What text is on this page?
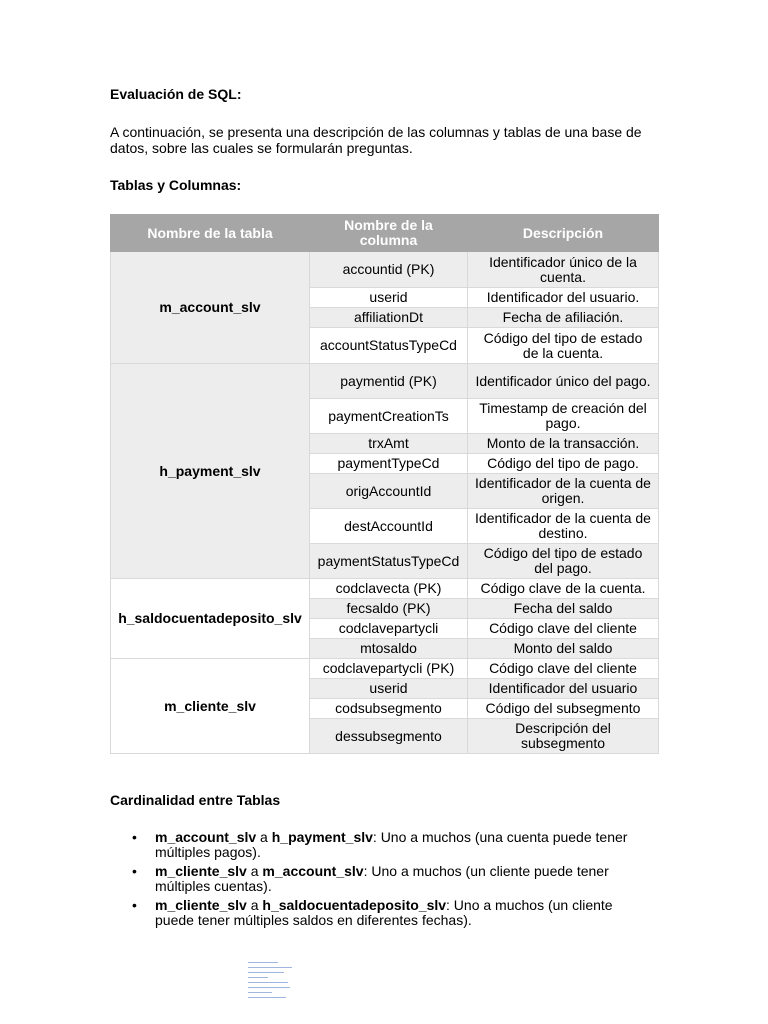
Evaluación de SQL:
A continuación, se presenta una descripción de las columnas y tablas de una base de datos, sobre las cuales se formularán preguntas.
Tablas y Columnas:
Nombre de la tabla	Nombre de la columna	Descripción
m_account_slv	accountid (PK)	Identificador único de la cuenta.
	userid	Identificador del usuario.
	affiliationDt	Fecha de afiliación.
	accountStatusTypeCd	Código del tipo de estado de la cuenta.
h_payment_slv	paymentid (PK)	Identificador único del pago.
	paymentCreationTs	Timestamp de creación del pago.
	trxAmt	Monto de la transacción.
	paymentTypeCd	Código del tipo de pago.
	origAccountId	Identificador de la cuenta de origen.
	destAccountId	Identificador de la cuenta de destino.
	paymentStatusTypeCd	Código del tipo de estado del pago.
h_saldocuentadeposito_slv	codclavecta (PK)	Código clave de la cuenta.
	fecsaldo (PK)	Fecha del saldo
	codclavepartycli	Código clave del cliente
	mtosaldo	Monto del saldo
m_cliente_slv	codclavepartycli (PK)	Código clave del cliente
	userid	Identificador del usuario
	codsubsegmento	Código del subsegmento
	dessubsegmento	Descripción del subsegmento
Cardinalidad entre Tablas
• m_account_slv a h_payment_slv: Uno a muchos (una cuenta puede tener múltiples pagos).
• m_cliente_slv a m_account_slv: Uno a muchos (un cliente puede tener múltiples cuentas).
• m_cliente_slv a h_saldocuentadeposito_slv: Uno a muchos (un cliente puede tener múltiples saldos en diferentes fechas).
